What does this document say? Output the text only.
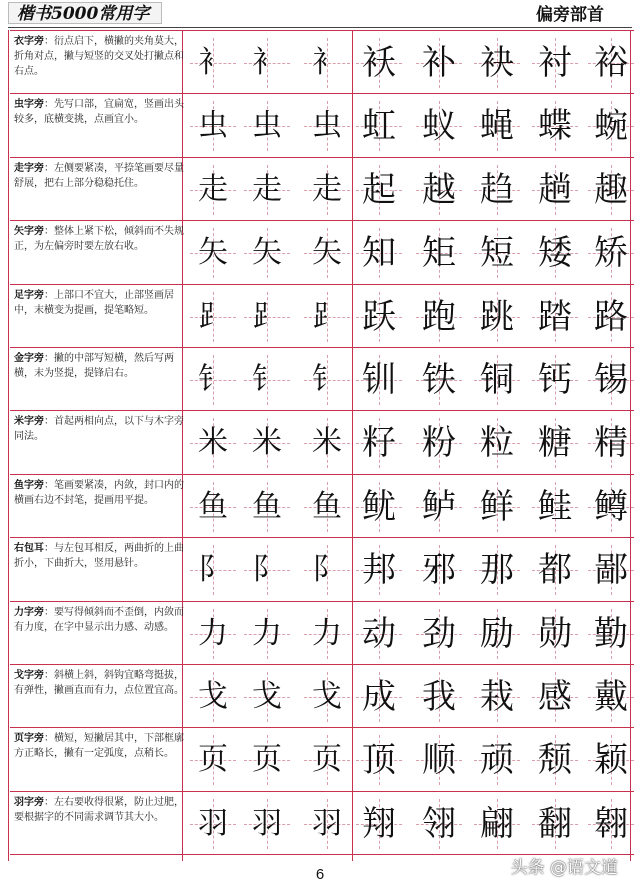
楷书5000常用字	偏旁部首
衣字旁：衍点启下，横撇的夹角莫大，折角对点，撇与短竖的交叉处打撇点和右点。	衤 衤 衤 袄 补 袂 衬 裕
虫字旁：先写口部，宜扁宽，竖画出头较多，底横变挑，点画宜小。	虫 虫 虫 虹 蚁 蝇 蝶 蜿
走字旁：左侧要紧凑，平捺笔画要尽量舒展，把右上部分稳稳托住。	走 走 走 起 越 趋 趟 趣
矢字旁：整体上紧下松，倾斜而不失规正，为左偏旁时要左放右收。	矢 矢 矢 知 矩 短 矮 矫
足字旁：上部口不宜大，止部竖画居中，末横变为提画，提笔略短。	⻊ ⻊ ⻊ 跃 跑 跳 踏 路
金字旁：撇的中部写短横，然后写两横，末为竖提，提锋启右。	钅 钅 钅 钏 铁 铜 钙 锡
米字旁：首起两相向点，以下与木字旁同法。	米 米 米 籽 粉 粒 糖 精
鱼字旁：笔画要紧凑，内敛，封口内的横画右边不封笔，提画用平提。	鱼 鱼 鱼 鱿 鲈 鲜 鲑 鳟
右包耳：与左包耳相反，两曲折的上曲折小，下曲折大，竖用悬针。	阝 阝 阝 邦 邪 那 都 鄙
力字旁：要写得倾斜而不歪倒，内敛而有力度，在字中显示出力感、动感。 力 力 力 动 劲 励 勋 勤
戈字旁：斜横上斜，斜钩宜略弯挺拔，有弹性，撇画直而有力，点位置宜高。 戈 戈 戈 成 我 栽 感 戴
页字旁：横短，短撇居其中，下部框廓方正略长，撇有一定弧度，点稍长。 页 页 页 顶 顺 顽 颓 颖
羽字旁：左右要收得很紧，防止过肥，要根据字的不同需求调节其大小。	羽 羽 羽 翔 翎 翩 翻 翱
6	头条 @语文道
